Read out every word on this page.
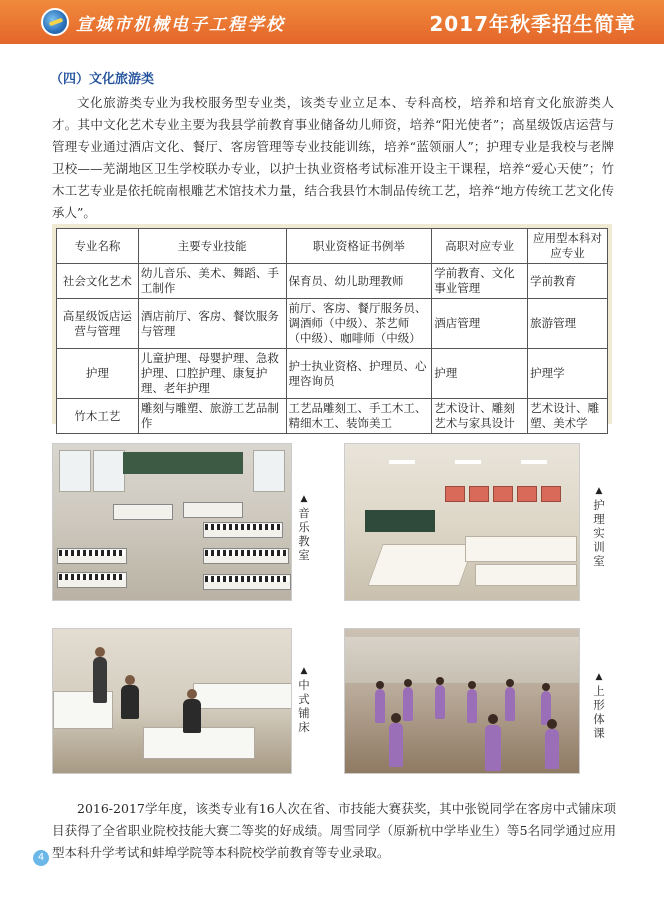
宣城市机械电子工程学校	2017年秋季招生简章
（四）文化旅游类
文化旅游类专业为我校服务型专业类，该类专业立足本、专科高校，培养和培育文化旅游类人才。其中文化艺术专业主要为我县学前教育事业储备幼儿师资，培养“阳光使者”；高星级饭店运营与管理专业通过酒店文化、餐厅、客房管理等专业技能训练，培养“蓝领丽人”；护理专业是我校与老牌卫校——芜湖地区卫生学校联办专业，以护士执业资格考试标准开设主干课程，培养“爱心天使”；竹木工艺专业是依托皖南根雕艺术馆技术力量，结合我县竹木制品传统工艺，培养“地方传统工艺文化传承人”。
专业名称	主要专业技能	职业资格证书例举	高职对应专业	应用型本科对应专业
社会文化艺术	幼儿音乐、美术、舞蹈、手工制作	保育员、幼儿助理教师	学前教育、文化事业管理	学前教育
高星级饭店运营与管理	酒店前厅、客房、餐饮服务与管理	前厅、客房、餐厅服务员、调酒师（中级）、茶艺师（中级）、咖啡师（中级）	酒店管理	旅游管理
护理	儿童护理、母婴护理、急救护理、口腔护理、康复护理、老年护理	护士执业资格、护理员、心理咨询员	护理	护理学
竹木工艺	雕刻与雕塑、旅游工艺品制作	工艺品雕刻工、手工木工、精细木工、装饰美工	艺术设计、雕刻艺术与家具设计	艺术设计、雕塑、美术学
▲
音乐教室
▲
护理实训室
▲
中式铺床
▲
上形体课
2016-2017学年度，该类专业有16人次在省、市技能大赛获奖，其中张锐同学在客房中式铺床项目获得了全省职业院校技能大赛二等奖的好成绩。周雪同学（原新杭中学毕业生）等5名同学通过应用型本科升学考试和蚌埠学院等本科院校学前教育等专业录取。
4
